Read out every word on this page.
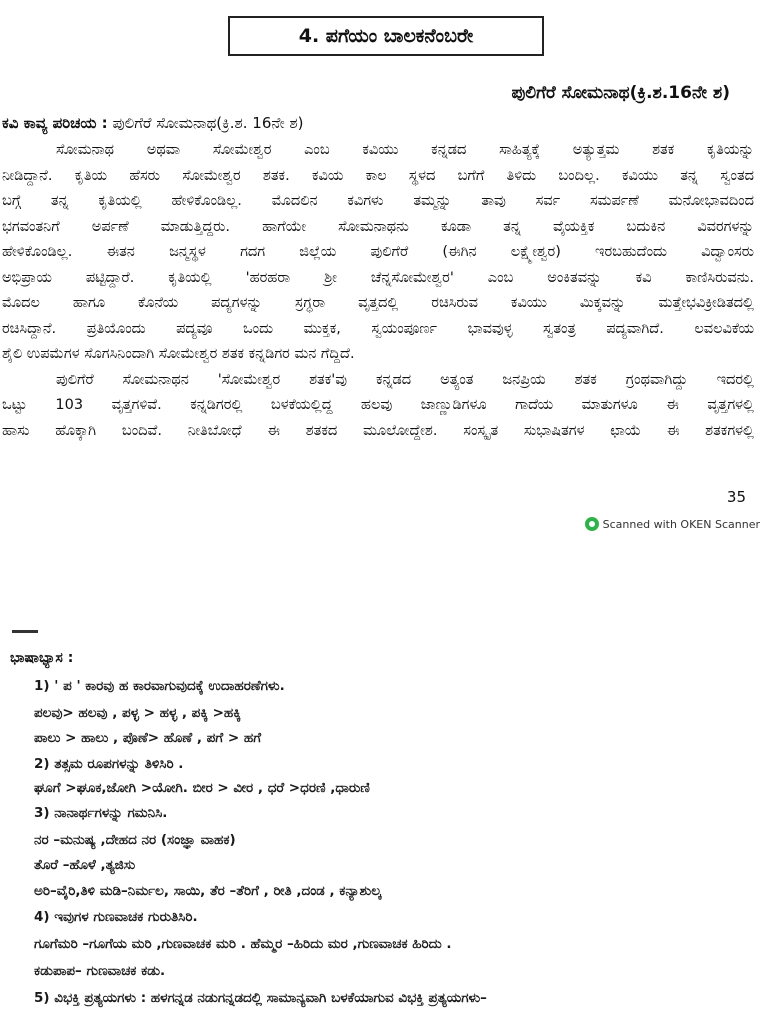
4. ಪಗೆಯಂ ಬಾಲಕನೆಂಬರೇ
ಪುಲಿಗೆರೆ ಸೋಮನಾಥ(ಕ್ರಿ.ಶ.16ನೇ ಶ)
ಕವಿ ಕಾವ್ಯ ಪರಿಚಯ : ಪುಲಿಗೆರೆ ಸೋಮನಾಥ(ಕ್ರಿ.ಶ. 16ನೇ ಶ)
ಸೋಮನಾಥ ಅಥವಾ ಸೋಮೇಶ್ವರ ಎಂಬ ಕವಿಯು ಕನ್ನಡದ ಸಾಹಿತ್ಯಕ್ಕೆ ಅತ್ಯುತ್ತಮ ಶತಕ ಕೃತಿಯನ್ನು
ನೀಡಿದ್ದಾನೆ. ಕೃತಿಯ ಹೆಸರು ಸೋಮೇಶ್ವರ ಶತಕ. ಕವಿಯ ಕಾಲ ಸ್ಥಳದ ಬಗೆಗೆ ತಿಳಿದು ಬಂದಿಲ್ಲ. ಕವಿಯು ತನ್ನ ಸ್ವಂತದ
ಬಗ್ಗೆ ತನ್ನ ಕೃತಿಯಲ್ಲಿ ಹೇಳಿಕೊಂಡಿಲ್ಲ. ಮೊದಲಿನ ಕವಿಗಳು ತಮ್ಮನ್ನು ತಾವು ಸರ್ವ ಸಮರ್ಪಣೆ ಮನೋಭಾವದಿಂದ
ಭಗವಂತನಿಗೆ ಅರ್ಪಣೆ ಮಾಡುತ್ತಿದ್ದರು. ಹಾಗೆಯೇ ಸೋಮನಾಥನು ಕೂಡಾ ತನ್ನ ವೈಯಕ್ತಿಕ ಬದುಕಿನ ವಿವರಗಳನ್ನು
ಹೇಳಿಕೊಂಡಿಲ್ಲ. ಈತನ ಜನ್ಮಸ್ಥಳ ಗದಗ ಜಿಲ್ಲೆಯ ಪುಲಿಗೆರೆ (ಈಗಿನ ಲಕ್ಷ್ಮೇಶ್ವರ) ಇರಬಹುದೆಂದು ವಿದ್ವಾಂಸರು
ಅಭಿಪ್ರಾಯ ಪಟ್ಟಿದ್ದಾರೆ. ಕೃತಿಯಲ್ಲಿ 'ಹರಹರಾ ಶ್ರೀ ಚೆನ್ನಸೋಮೇಶ್ವರ' ಎಂಬ ಅಂಕಿತವನ್ನು ಕವಿ ಕಾಣಿಸಿರುವನು.
ಮೊದಲ ಹಾಗೂ ಕೊನೆಯ ಪದ್ಯಗಳನ್ನು ಸ್ರಗ್ಧರಾ ವೃತ್ತದಲ್ಲಿ ರಚಿಸಿರುವ ಕವಿಯು ಮಿಕ್ಕವನ್ನು ಮತ್ತೇಭವಿಕ್ರೀಡಿತದಲ್ಲಿ
ರಚಿಸಿದ್ದಾನೆ. ಪ್ರತಿಯೊಂದು ಪದ್ಯವೂ ಒಂದು ಮುಕ್ತಕ, ಸ್ವಯಂಪೂರ್ಣ ಭಾವವುಳ್ಳ ಸ್ವತಂತ್ರ ಪದ್ಯವಾಗಿದೆ. ಲವಲವಿಕೆಯ
ಶೈಲಿ ಉಪಮೆಗಳ ಸೊಗಸಿನಿಂದಾಗಿ ಸೋಮೇಶ್ವರ ಶತಕ ಕನ್ನಡಿಗರ ಮನ ಗೆದ್ದಿದೆ.
ಪುಲಿಗೆರೆ ಸೋಮನಾಥನ 'ಸೋಮೇಶ್ವರ ಶತಕ'ವು ಕನ್ನಡದ ಅತ್ಯಂತ ಜನಪ್ರಿಯ ಶತಕ ಗ್ರಂಥವಾಗಿದ್ದು ಇದರಲ್ಲಿ
ಒಟ್ಟು 103 ವೃತ್ತಗಳಿವೆ. ಕನ್ನಡಿಗರಲ್ಲಿ ಬಳಕೆಯಲ್ಲಿದ್ದ ಹಲವು ಜಾಣ್ಣುಡಿಗಳೂ ಗಾದೆಯ ಮಾತುಗಳೂ ಈ ವೃತ್ತಗಳಲ್ಲಿ
ಹಾಸು ಹೊಕ್ಕಾಗಿ ಬಂದಿವೆ. ನೀತಿಬೋಧೆ ಈ ಶತಕದ ಮೂಲೋದ್ದೇಶ. ಸಂಸ್ಕೃತ ಸುಭಾಷಿತಗಳ ಛಾಯೆ ಈ ಶತಕಗಳಲ್ಲಿ
35
Scanned with OKEN Scanner
ಭಾಷಾಭ್ಯಾಸ :
1) ' ಪ ' ಕಾರವು ಹ ಕಾರವಾಗುವುದಕ್ಕೆ ಉದಾಹರಣೆಗಳು.
ಪಲವು> ಹಲವು , ಪಳ್ಳ > ಹಳ್ಳ , ಪಕ್ಕಿ >ಹಕ್ಕಿ
ಪಾಲು > ಹಾಲು , ಪೊಣೆ> ಹೊಣೆ , ಪಗೆ > ಹಗೆ
2) ತತ್ಸಮ ರೂಪಗಳನ್ನು ತಿಳಿಸಿರಿ .
ಘೂಗೆ >ಘೂಕ,ಜೋಗಿ >ಯೋಗಿ. ಬೀರ > ವೀರ , ಧರೆ >ಧರಣಿ ,ಧಾರುಣಿ
3) ನಾನಾರ್ಥಗಳನ್ನು ಗಮನಿಸಿ.
ನರ –ಮನುಷ್ಯ ,ದೇಹದ ನರ (ಸಂಜ್ಞಾ ವಾಹಕ)
ತೊರೆ –ಹೊಳೆ ,ತ್ಯಜಿಸು
ಅರಿ–ವೈರಿ,ತಿಳಿ ಮಡಿ–ನಿರ್ಮಲ, ಸಾಯಿ, ತೆರ –ತೆರಿಗೆ , ರೀತಿ ,ದಂಡ , ಕನ್ಯಾಶುಲ್ಕ
4) ಇವುಗಳ ಗುಣವಾಚಕ ಗುರುತಿಸಿರಿ.
ಗೂಗೆಮರಿ –ಗೂಗೆಯ ಮರಿ ,ಗುಣವಾಚಕ ಮರಿ . ಹೆಮ್ಮರ –ಹಿರಿದು ಮರ ,ಗುಣವಾಚಕ ಹಿರಿದು .
ಕಡುಪಾಪ– ಗುಣವಾಚಕ ಕಡು.
5) ವಿಭಕ್ತಿ ಪ್ರತ್ಯಯಗಳು : ಹಳಗನ್ನಡ ನಡುಗನ್ನಡದಲ್ಲಿ ಸಾಮಾನ್ಯವಾಗಿ ಬಳಕೆಯಾಗುವ ವಿಭಕ್ತಿ ಪ್ರತ್ಯಯಗಳು–
